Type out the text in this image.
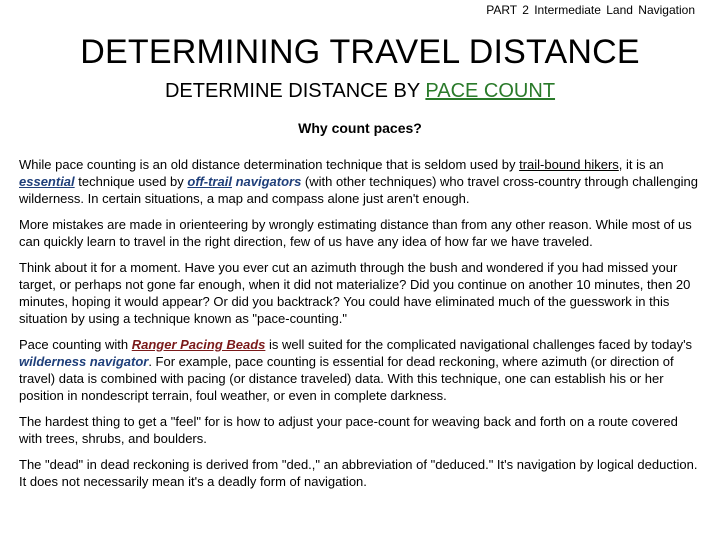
PART 2 Intermediate Land Navigation
DETERMINING TRAVEL DISTANCE
DETERMINE DISTANCE BY PACE COUNT
Why count paces?

While pace counting is an old distance determination technique that is seldom used by trail-bound hikers, it is an essential technique used by off-trail navigators (with other techniques) who travel cross-country through challenging wilderness. In certain situations, a map and compass alone just aren't enough.

More mistakes are made in orienteering by wrongly estimating distance than from any other reason. While most of us can quickly learn to travel in the right direction, few of us have any idea of how far we have traveled.

Think about it for a moment. Have you ever cut an azimuth through the bush and wondered if you had missed your target, or perhaps not gone far enough, when it did not materialize? Did you continue on another 10 minutes, then 20 minutes, hoping it would appear? Or did you backtrack? You could have eliminated much of the guesswork in this situation by using a technique known as "pace-counting."

Pace counting with Ranger Pacing Beads is well suited for the complicated navigational challenges faced by today's wilderness navigator. For example, pace counting is essential for dead reckoning, where azimuth (or direction of travel) data is combined with pacing (or distance traveled) data. With this technique, one can establish his or her position in nondescript terrain, foul weather, or even in complete darkness.

The hardest thing to get a "feel" for is how to adjust your pace-count for weaving back and forth on a route covered with trees, shrubs, and boulders.

The "dead" in dead reckoning is derived from "ded.," an abbreviation of "deduced." It's navigation by logical deduction. It does not necessarily mean it's a deadly form of navigation.
